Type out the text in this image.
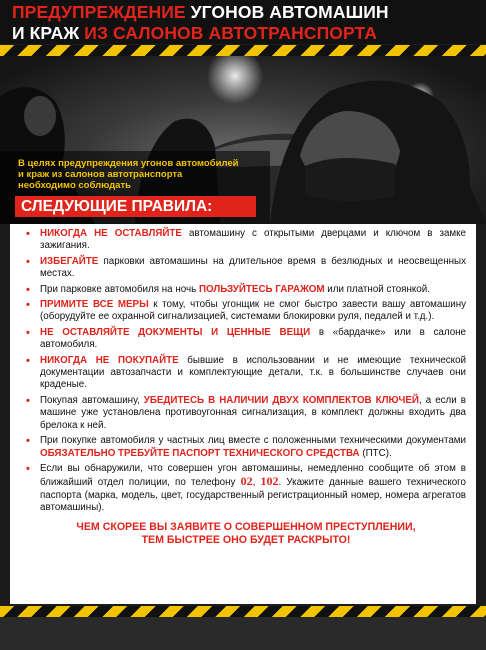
ПРЕДУПРЕЖДЕНИЕ УГОНОВ АВТОМАШИН
И КРАЖ ИЗ САЛОНОВ АВТОТРАНСПОРТА
В целях предупреждения угонов автомобилей
и краж из салонов автотранспорта
необходимо соблюдать
СЛЕДУЮЩИЕ ПРАВИЛА:
• НИКОГДА НЕ ОСТАВЛЯЙТЕ автомашину с открытыми дверцами и ключом в замке зажигания.
• ИЗБЕГАЙТЕ парковки автомашины на длительное время в безлюдных и неосвещенных местах.
• При парковке автомобиля на ночь ПОЛЬЗУЙТЕСЬ ГАРАЖОМ или платной стоянкой.
• ПРИМИТЕ ВСЕ МЕРЫ к тому, чтобы угонщик не смог быстро завести вашу автомашину (оборудуйте ее охранной сигнализацией, системами блокировки руля, педалей и т.д.).
• НЕ ОСТАВЛЯЙТЕ ДОКУМЕНТЫ И ЦЕННЫЕ ВЕЩИ в «бардачке» или в салоне автомобиля.
• НИКОГДА НЕ ПОКУПАЙТЕ бывшие в использовании и не имеющие технической документации автозапчасти и комплектующие детали, т.к. в большинстве случаев они краденые.
• Покупая автомашину, УБЕДИТЕСЬ В НАЛИЧИИ ДВУХ КОМПЛЕКТОВ КЛЮЧЕЙ, а если в машине уже установлена противоугонная сигнализация, в комплект должны входить два брелока к ней.
• При покупке автомобиля у частных лиц вместе с положенными техническими документами ОБЯЗАТЕЛЬНО ТРЕБУЙТЕ ПАСПОРТ ТЕХНИЧЕСКОГО СРЕДСТВА (ПТС).
• Если вы обнаружили, что совершен угон автомашины, немедленно сообщите об этом в ближайший отдел полиции, по телефону 02, 102. Укажите данные вашего технического паспорта (марка, модель, цвет, государственный регистрационный номер, номера агрегатов автомашины).
ЧЕМ СКОРЕЕ ВЫ ЗАЯВИТЕ О СОВЕРШЕННОМ ПРЕСТУПЛЕНИИ,
ТЕМ БЫСТРЕЕ ОНО БУДЕТ РАСКРЫТО!
